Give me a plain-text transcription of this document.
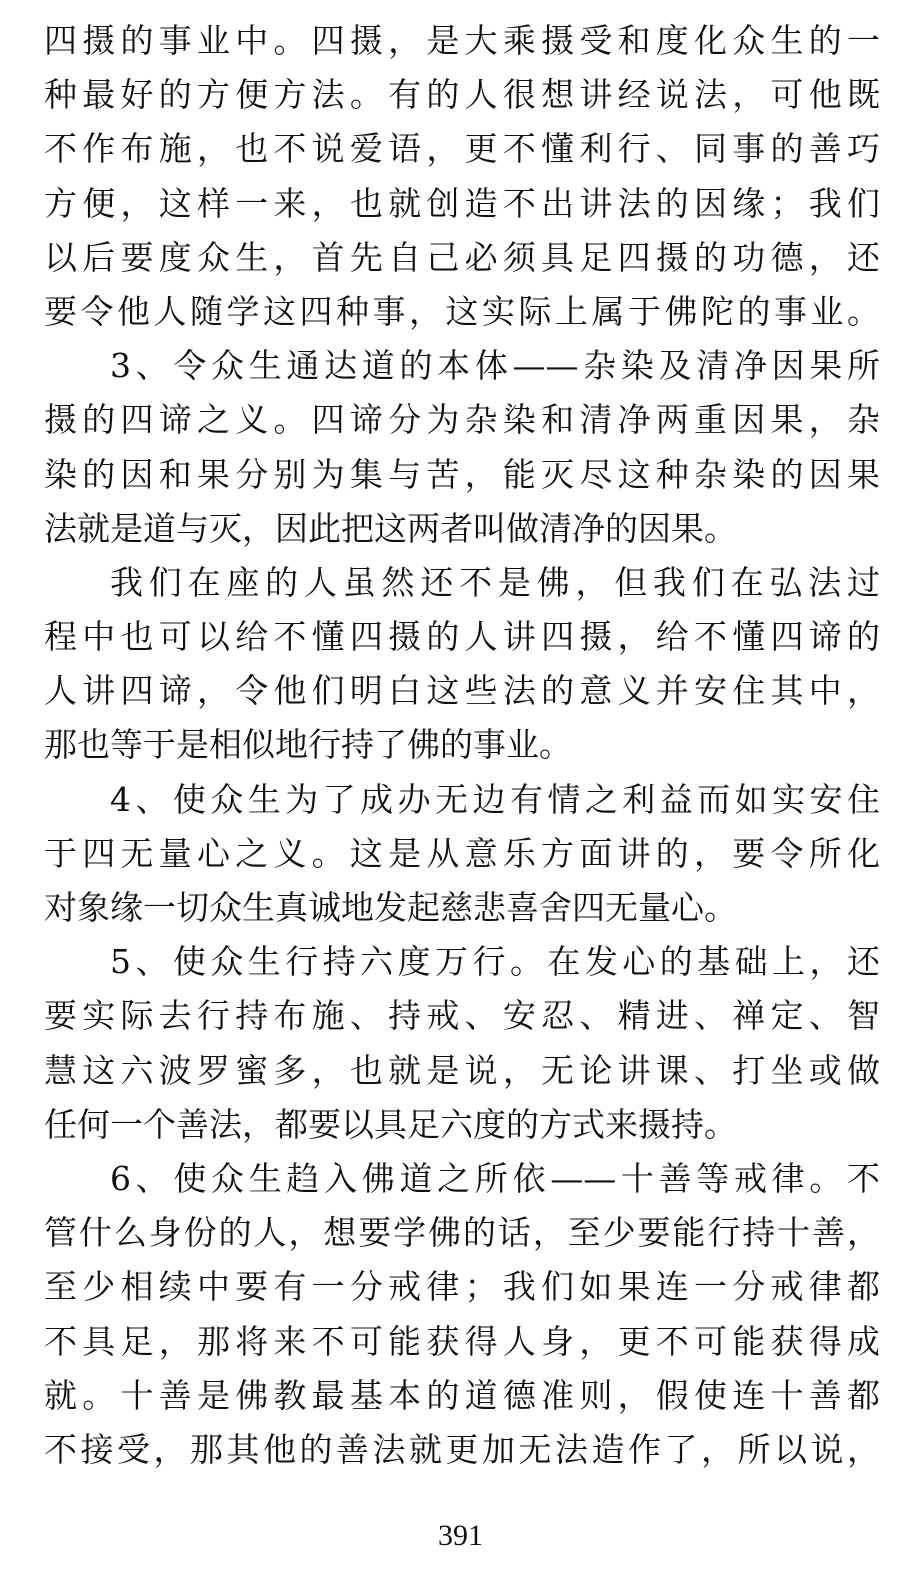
四摄的事业中。四摄，是大乘摄受和度化众生的一
种最好的方便方法。有的人很想讲经说法，可他既
不作布施，也不说爱语，更不懂利行、同事的善巧
方便，这样一来，也就创造不出讲法的因缘；我们
以后要度众生，首先自己必须具足四摄的功德，还
要令他人随学这四种事，这实际上属于佛陀的事业。
3、令众生通达道的本体——杂染及清净因果所
摄的四谛之义。四谛分为杂染和清净两重因果，杂
染的因和果分别为集与苦，能灭尽这种杂染的因果
法就是道与灭，因此把这两者叫做清净的因果。
我们在座的人虽然还不是佛，但我们在弘法过
程中也可以给不懂四摄的人讲四摄，给不懂四谛的
人讲四谛，令他们明白这些法的意义并安住其中，
那也等于是相似地行持了佛的事业。
4、使众生为了成办无边有情之利益而如实安住
于四无量心之义。这是从意乐方面讲的，要令所化
对象缘一切众生真诚地发起慈悲喜舍四无量心。
5、使众生行持六度万行。在发心的基础上，还
要实际去行持布施、持戒、安忍、精进、禅定、智
慧这六波罗蜜多，也就是说，无论讲课、打坐或做
任何一个善法，都要以具足六度的方式来摄持。
6、使众生趋入佛道之所依——十善等戒律。不
管什么身份的人，想要学佛的话，至少要能行持十善，
至少相续中要有一分戒律；我们如果连一分戒律都
不具足，那将来不可能获得人身，更不可能获得成
就。十善是佛教最基本的道德准则，假使连十善都
不接受，那其他的善法就更加无法造作了，所以说，
391
